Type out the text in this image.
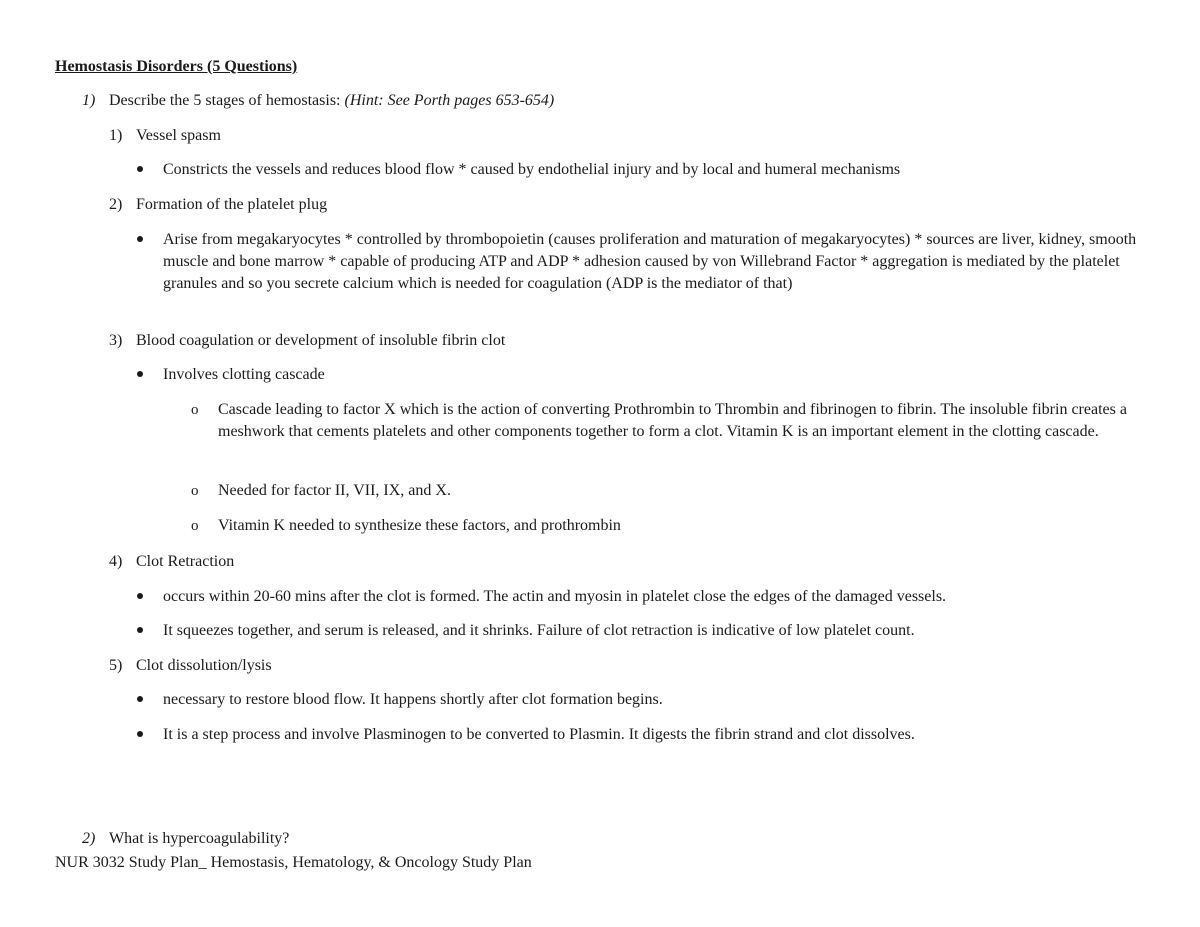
Hemostasis Disorders (5 Questions)
1) Describe the 5 stages of hemostasis: (Hint: See Porth pages 653-654)
1) Vessel spasm
Constricts the vessels and reduces blood flow * caused by endothelial injury and by local and humeral mechanisms
2) Formation of the platelet plug
Arise from megakaryocytes * controlled by thrombopoietin (causes proliferation and maturation of megakaryocytes) * sources are liver, kidney, smooth muscle and bone marrow * capable of producing ATP and ADP * adhesion caused by von Willebrand Factor * aggregation is mediated by the platelet granules and so you secrete calcium which is needed for coagulation (ADP is the mediator of that)
3) Blood coagulation or development of insoluble fibrin clot
Involves clotting cascade
o Cascade leading to factor X which is the action of converting Prothrombin to Thrombin and fibrinogen to fibrin. The insoluble fibrin creates a meshwork that cements platelets and other components together to form a clot. Vitamin K is an important element in the clotting cascade.
o Needed for factor II, VII, IX, and X.
o Vitamin K needed to synthesize these factors, and prothrombin
4) Clot Retraction
occurs within 20-60 mins after the clot is formed. The actin and myosin in platelet close the edges of the damaged vessels.
It squeezes together, and serum is released, and it shrinks. Failure of clot retraction is indicative of low platelet count.
5) Clot dissolution/lysis
necessary to restore blood flow. It happens shortly after clot formation begins.
It is a step process and involve Plasminogen to be converted to Plasmin. It digests the fibrin strand and clot dissolves.
2) What is hypercoagulability?
NUR 3032 Study Plan_ Hemostasis, Hematology, & Oncology Study Plan
